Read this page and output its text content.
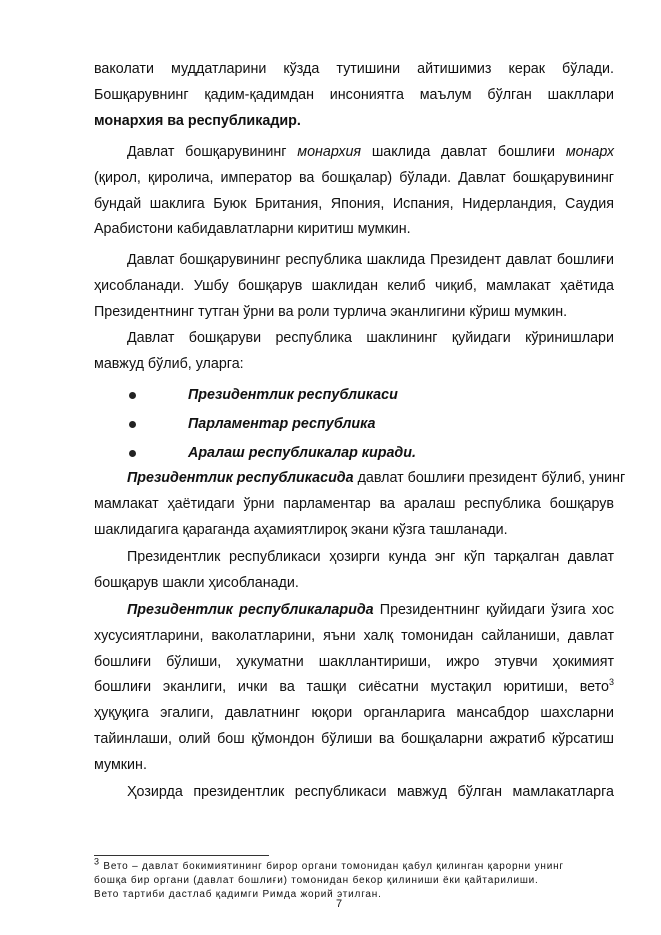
ваколати муддатларини кўзда тутишини айтишимиз керак бўлади.
Бошқарувнинг қадим-қадимдан инсониятга маълум бўлган шакллари
монархия ва республикадир.

Давлат бошқарувининг монархия шаклида давлат бошлиғи монарх
(қирол, қиролича, император ва бошқалар) бўлади. Давлат бошқарувининг
бундай шаклига Буюк Британия, Япония, Испания, Нидерландия, Саудия
Арабистони кабидавлатларни киритиш мумкин.

Давлат бошқарувининг республика шаклида Президент давлат бошлиғи
ҳисобланади. Ушбу бошқарув шаклидан келиб чиқиб, мамлакат ҳаётида
Президентнинг тутган ўрни ва роли турлича эканлигини кўриш мумкин.

Давлат бошқаруви республика шаклининг қуйидаги кўринишлари
мавжуд бўлиб, уларга:

Президентлик республикаси
Парламентар республика
Аралаш республикалар киради.

Президентлик республикасида давлат бошлиғи президент бўлиб, унинг
мамлакат ҳаётидаги ўрни парламентар ва аралаш республика бошқарув
шаклидагига қараганда аҳамиятлироқ экани кўзга ташланади.

Президентлик республикаси ҳозирги кунда энг кўп тарқалган давлат
бошқарув шакли ҳисобланади.

Президентлик республикаларида Президентнинг қуйидаги ўзига хос
хусусиятларини, ваколатларини, яъни халқ томонидан сайланиши, давлат
бошлиғи бўлиши, ҳукуматни шакллантириши, ижро этувчи ҳокимият
бошлиғи эканлиги, ички ва ташқи сиёсатни мустақил юритиши, вето$^3$
ҳуқуқига эгалиги, давлатнинг юқори органларига мансабдор шахсларни
тайинлаши, олий бош қўмондон бўлиши ва бошқаларни ажратиб кўрсатиш
мумкин.

Ҳозирда президентлик республикаси мавжуд бўлган мамлакатларга

$^3$ Вето – давлат бокимиятининг бирор органи томонидан қабул қилинган қарорни унинг
бошқа бир органи (давлат бошлиғи) томонидан бекор қилиниши ёки қайтарилиши.
Вето тартиби дастлаб қадимги Римда жорий этилган.
7
